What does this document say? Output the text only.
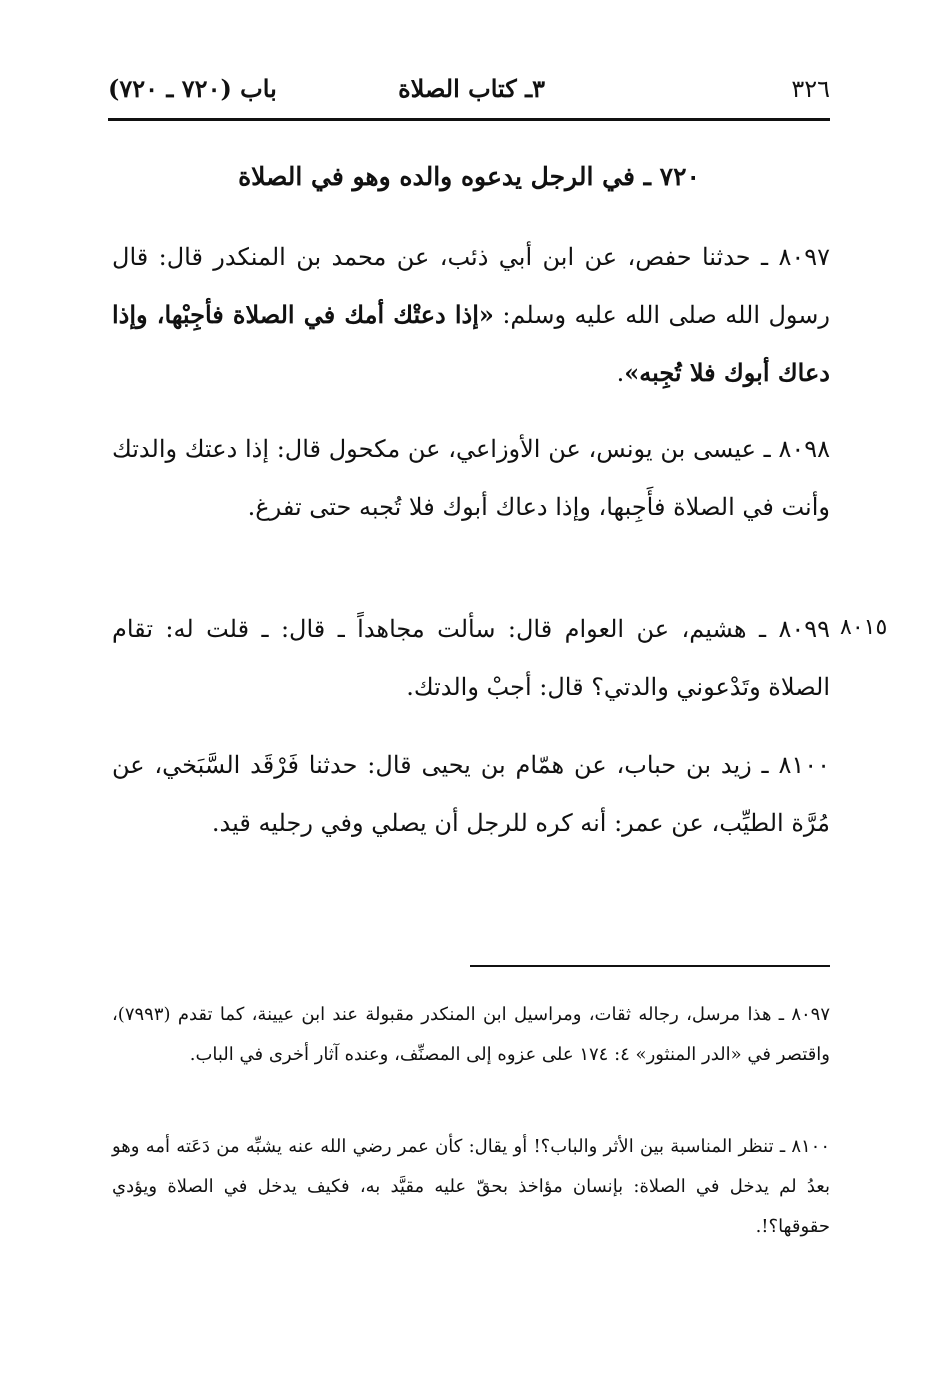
٣٢٦
٣ـ كتاب الصلاة
باب (٧٢٠ ـ ٧٢٠)
٧٢٠ ـ في الرجل يدعوه والده وهو في الصلاة
٨٠٩٧ ـ حدثنا حفص، عن ابن أبي ذئب، عن محمد بن المنكدر قال: قال رسول الله صلى الله عليه وسلم: «إذا دعتْك أمك في الصلاة فأجِبْها، وإذا دعاك أبوك فلا تُجِبه».
٨٠٩٨ ـ عيسى بن يونس، عن الأوزاعي، عن مكحول قال: إذا دعتك والدتك وأنت في الصلاة فأَجِبها، وإذا دعاك أبوك فلا تُجبه حتى تفرغ.
٨٠١٥
٨٠٩٩ ـ هشيم، عن العوام قال: سألت مجاهداً ـ قال: ـ قلت له: تقام الصلاة وتَدْعوني والدتي؟ قال: أجبْ والدتك.
٨١٠٠ ـ زيد بن حباب، عن همّام بن يحيى قال: حدثنا فَرْقَد السَّبَخي، عن مُرَّة الطيِّب، عن عمر: أنه كره للرجل أن يصلي وفي رجليه قيد.
٨٠٩٧ ـ هذا مرسل، رجاله ثقات، ومراسيل ابن المنكدر مقبولة عند ابن عيينة، كما تقدم (٧٩٩٣)، واقتصر في «الدر المنثور» ٤: ١٧٤ على عزوه إلى المصنِّف، وعنده آثار أخرى في الباب.
٨١٠٠ ـ تنظر المناسبة بين الأثر والباب؟! أو يقال: كأن عمر رضي الله عنه يشبِّه من دَعَته أمه وهو بعدُ لم يدخل في الصلاة: بإنسان مؤاخذ بحقّ عليه مقيَّد به، فكيف يدخل في الصلاة ويؤدي حقوقها؟!.
